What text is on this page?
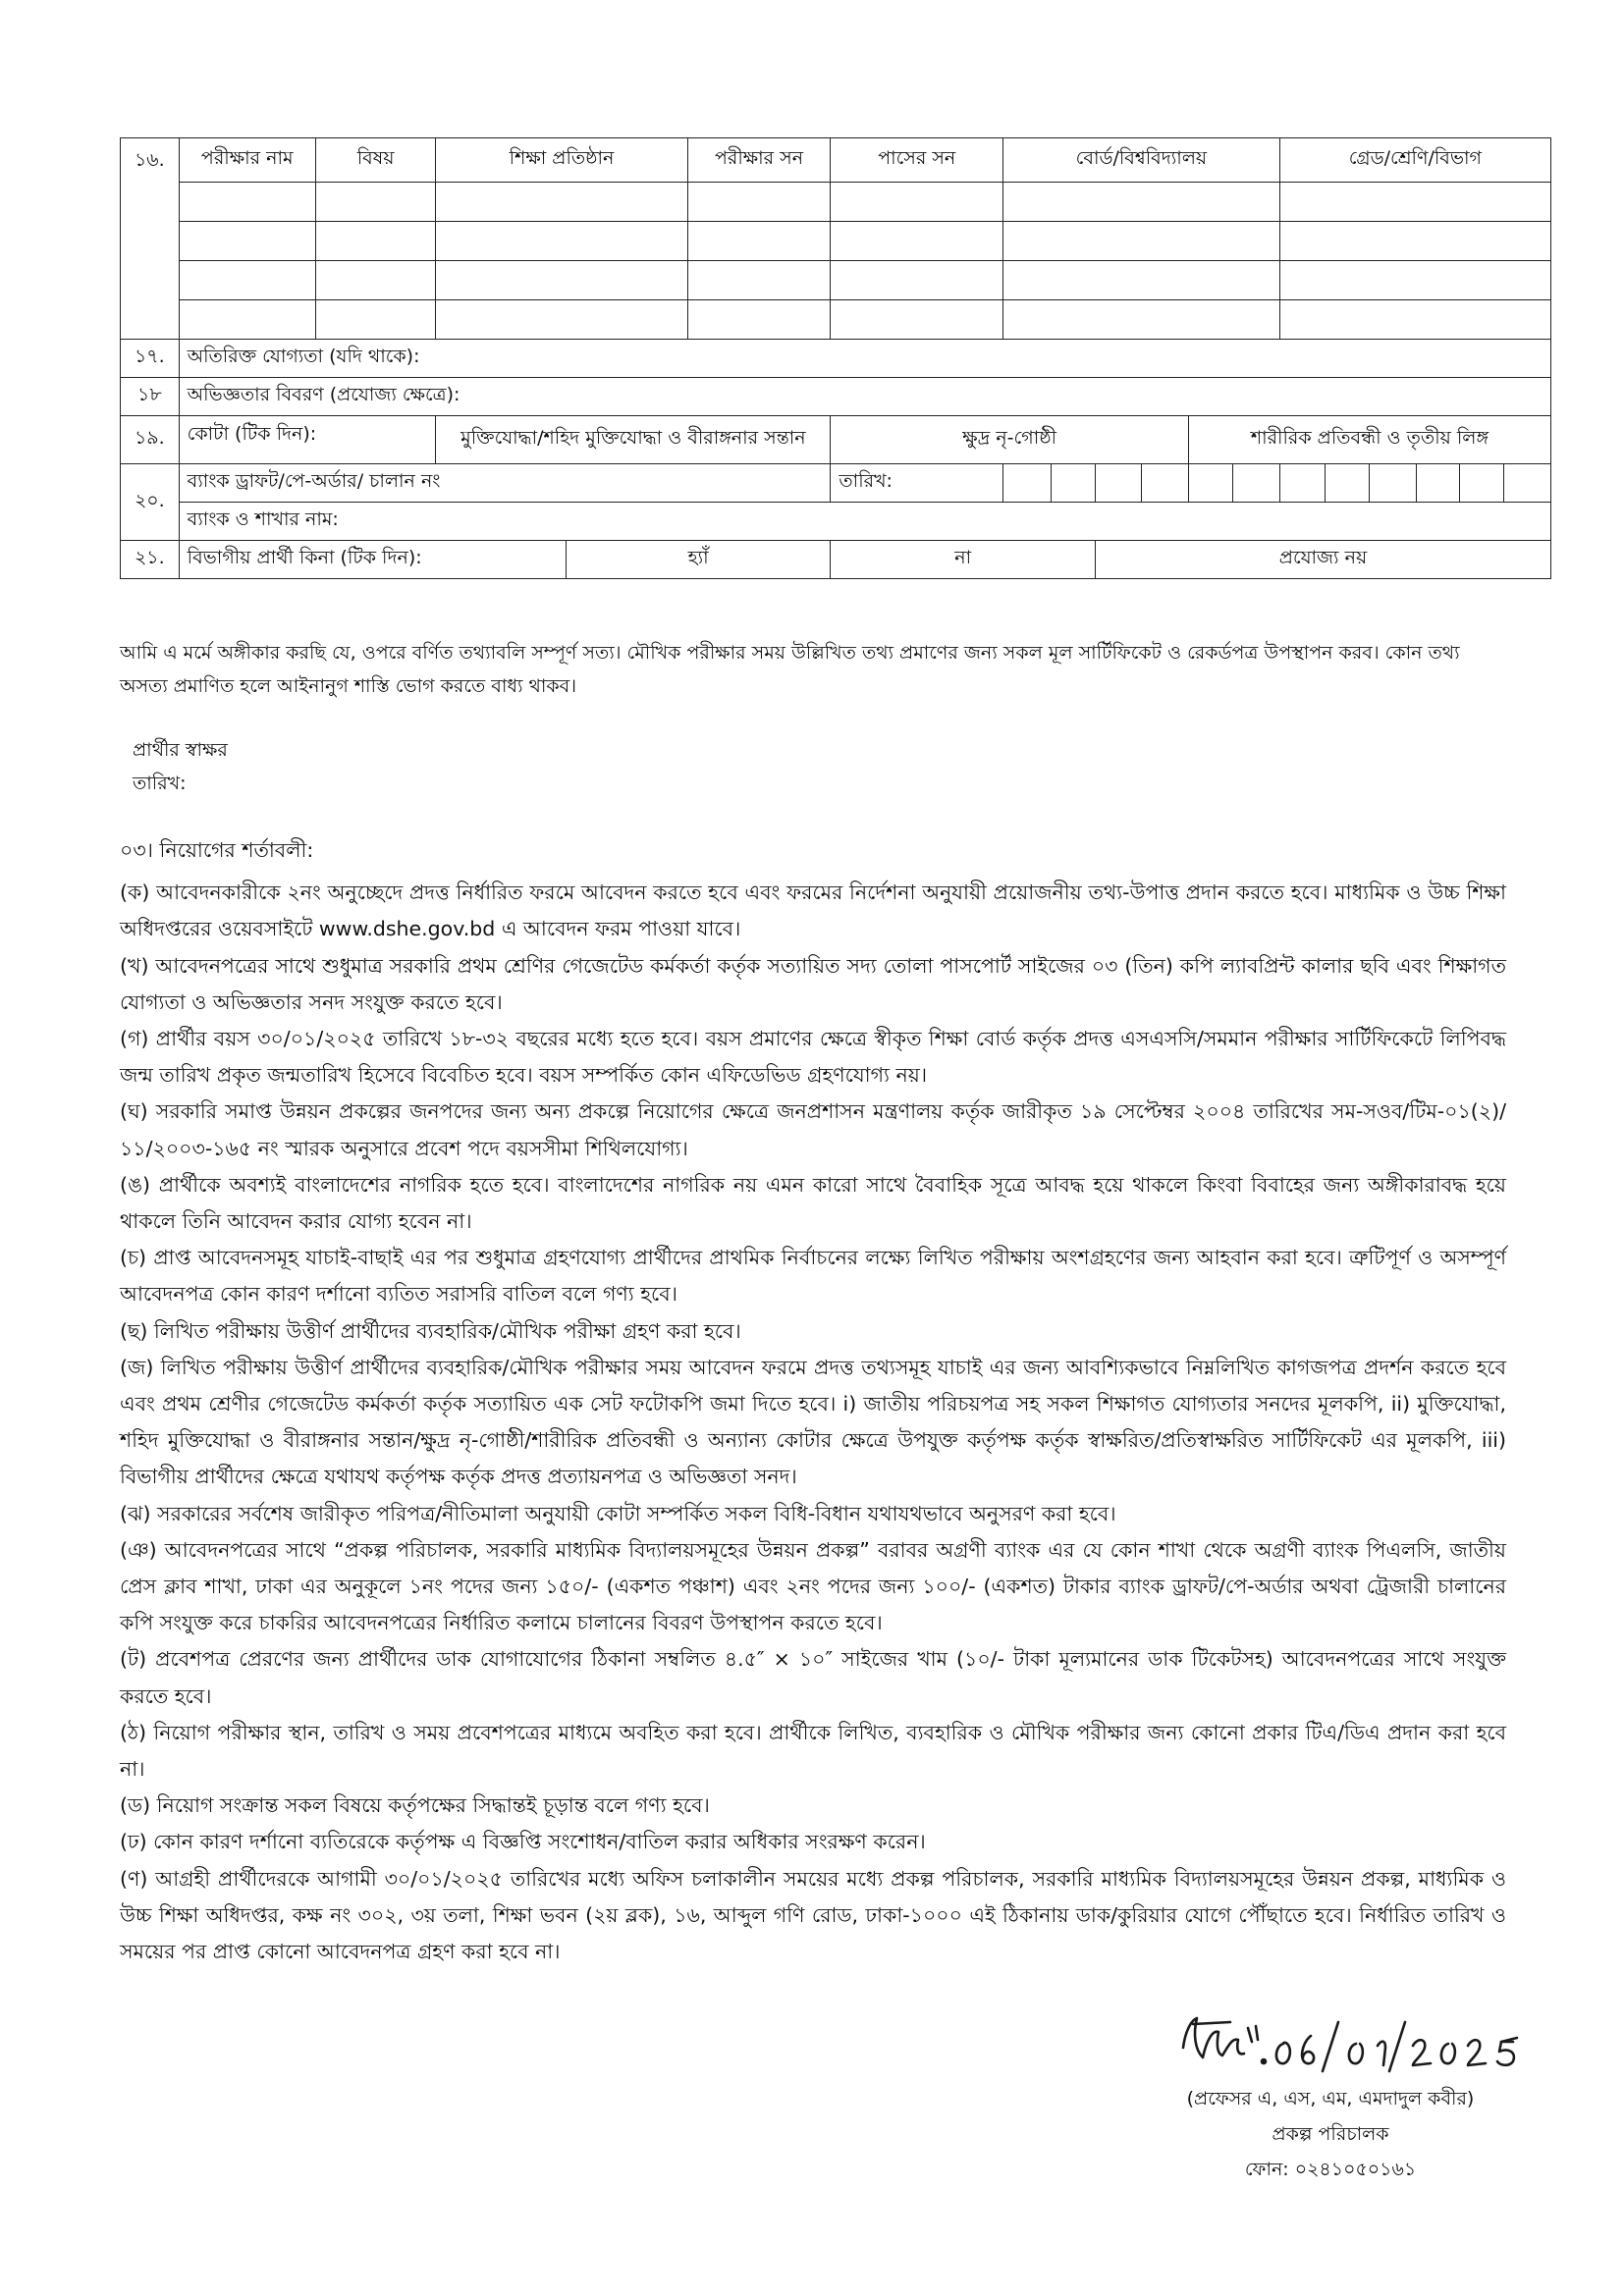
১৬.	পরীক্ষার নাম	বিষয়	শিক্ষা প্রতিষ্ঠান		পরীক্ষার সন	পাসের সন	বোর্ড/বিশ্ববিদ্যালয়						গ্রেড/শ্রেণি/বিভাগ					

১৭.	অতিরিক্ত যোগ্যতা (যদি থাকে):																	
১৮	অভিজ্ঞতার বিবরণ (প্রযোজ্য ক্ষেত্রে):																	
১৯.	কোটা (টিক দিন):		মুক্তিযোদ্ধা/শহিদ মুক্তিযোদ্ধা ও বীরাঙ্গনার সন্তান			ক্ষুদ্র নৃ-গোষ্ঠী					শারীরিক প্রতিবন্ধী ও তৃতীয় লিঙ্গ							
২০.	ব্যাংক ড্রাফট/পে-অর্ডার/ চালান নং					তারিখ:												
	ব্যাংক ও শাখার নাম:																	
২১.	বিভাগীয় প্রার্থী কিনা (টিক দিন):			হ্যাঁ		না			প্রযোজ্য নয়									
আমি এ মর্মে অঙ্গীকার করছি যে, ওপরে বর্ণিত তথ্যাবলি সম্পূর্ণ সত্য। মৌখিক পরীক্ষার সময় উল্লিখিত তথ্য প্রমাণের জন্য সকল মূল সার্টিফিকেট ও রেকর্ডপত্র উপস্থাপন করব। কোন তথ্য অসত্য প্রমাণিত হলে আইনানুগ শাস্তি ভোগ করতে বাধ্য থাকব।
প্রার্থীর স্বাক্ষর
তারিখ:

০৩। নিয়োগের শর্তাবলী:

(ক) আবেদনকারীকে ২নং অনুচ্ছেদে প্রদত্ত নির্ধারিত ফরমে আবেদন করতে হবে এবং ফরমের নির্দেশনা অনুযায়ী প্রয়োজনীয় তথ্য-উপাত্ত প্রদান করতে হবে। মাধ্যমিক ও উচ্চ শিক্ষা অধিদপ্তরের ওয়েবসাইটে www.dshe.gov.bd এ আবেদন ফরম পাওয়া যাবে।

(খ) আবেদনপত্রের সাথে শুধুমাত্র সরকারি প্রথম শ্রেণির গেজেটেড কর্মকর্তা কর্তৃক সত্যায়িত সদ্য তোলা পাসপোর্ট সাইজের ০৩ (তিন) কপি ল্যাবপ্রিন্ট কালার ছবি এবং শিক্ষাগত যোগ্যতা ও অভিজ্ঞতার সনদ সংযুক্ত করতে হবে।

(গ) প্রার্থীর বয়স ৩০/০১/২০২৫ তারিখে ১৮-৩২ বছরের মধ্যে হতে হবে। বয়স প্রমাণের ক্ষেত্রে স্বীকৃত শিক্ষা বোর্ড কর্তৃক প্রদত্ত এসএসসি/সমমান পরীক্ষার সার্টিফিকেটে লিপিবদ্ধ জন্ম তারিখ প্রকৃত জন্মতারিখ হিসেবে বিবেচিত হবে। বয়স সম্পর্কিত কোন এফিডেভিড গ্রহণযোগ্য নয়।

(ঘ) সরকারি সমাপ্ত উন্নয়ন প্রকল্পের জনপদের জন্য অন্য প্রকল্পে নিয়োগের ক্ষেত্রে জনপ্রশাসন মন্ত্রণালয় কর্তৃক জারীকৃত ১৯ সেপ্টেম্বর ২০০৪ তারিখের সম-সওব/টিম-০১(২)/১১/২০০৩-১৬৫ নং স্মারক অনুসারে প্রবেশ পদে বয়সসীমা শিথিলযোগ্য।

(ঙ) প্রার্থীকে অবশ্যই বাংলাদেশের নাগরিক হতে হবে। বাংলাদেশের নাগরিক নয় এমন কারো সাথে বৈবাহিক সূত্রে আবদ্ধ হয়ে থাকলে কিংবা বিবাহের জন্য অঙ্গীকারাবদ্ধ হয়ে থাকলে তিনি আবেদন করার যোগ্য হবেন না।

(চ) প্রাপ্ত আবেদনসমূহ যাচাই-বাছাই এর পর শুধুমাত্র গ্রহণযোগ্য প্রার্থীদের প্রাথমিক নির্বাচনের লক্ষ্যে লিখিত পরীক্ষায় অংশগ্রহণের জন্য আহবান করা হবে। ত্রুটিপূর্ণ ও অসম্পূর্ণ আবেদনপত্র কোন কারণ দর্শানো ব্যতিত সরাসরি বাতিল বলে গণ্য হবে।

(ছ) লিখিত পরীক্ষায় উত্তীর্ণ প্রার্থীদের ব্যবহারিক/মৌখিক পরীক্ষা গ্রহণ করা হবে।

(জ) লিখিত পরীক্ষায় উত্তীর্ণ প্রার্থীদের ব্যবহারিক/মৌখিক পরীক্ষার সময় আবেদন ফরমে প্রদত্ত তথ্যসমূহ যাচাই এর জন্য আবশ্যিকভাবে নিম্নলিখিত কাগজপত্র প্রদর্শন করতে হবে এবং প্রথম শ্রেণীর গেজেটেড কর্মকর্তা কর্তৃক সত্যায়িত এক সেট ফটোকপি জমা দিতে হবে। i) জাতীয় পরিচয়পত্র সহ সকল শিক্ষাগত যোগ্যতার সনদের মূলকপি, ii) মুক্তিযোদ্ধা, শহিদ মুক্তিযোদ্ধা ও বীরাঙ্গনার সন্তান/ক্ষুদ্র নৃ-গোষ্ঠী/শারীরিক প্রতিবন্ধী ও অন্যান্য কোটার ক্ষেত্রে উপযুক্ত কর্তৃপক্ষ কর্তৃক স্বাক্ষরিত/প্রতিস্বাক্ষরিত সার্টিফিকেট এর মূলকপি, iii) বিভাগীয় প্রার্থীদের ক্ষেত্রে যথাযথ কর্তৃপক্ষ কর্তৃক প্রদত্ত প্রত্যায়নপত্র ও অভিজ্ঞতা সনদ।

(ঝ) সরকারের সর্বশেষ জারীকৃত পরিপত্র/নীতিমালা অনুযায়ী কোটা সম্পর্কিত সকল বিধি-বিধান যথাযথভাবে অনুসরণ করা হবে।

(ঞ) আবেদনপত্রের সাথে “প্রকল্প পরিচালক, সরকারি মাধ্যমিক বিদ্যালয়সমূহের উন্নয়ন প্রকল্প” বরাবর অগ্রণী ব্যাংক এর যে কোন শাখা থেকে অগ্রণী ব্যাংক পিএলসি, জাতীয় প্রেস ক্লাব শাখা, ঢাকা এর অনুকূলে ১নং পদের জন্য ১৫০/- (একশত পঞ্চাশ) এবং ২নং পদের জন্য ১০০/- (একশত) টাকার ব্যাংক ড্রাফট/পে-অর্ডার অথবা ট্রেজারী চালানের কপি সংযুক্ত করে চাকরির আবেদনপত্রের নির্ধারিত কলামে চালানের বিবরণ উপস্থাপন করতে হবে।

(ট) প্রবেশপত্র প্রেরণের জন্য প্রার্থীদের ডাক যোগাযোগের ঠিকানা সম্বলিত ৪.৫″ × ১০″ সাইজের খাম (১০/- টাকা মূল্যমানের ডাক টিকেটসহ) আবেদনপত্রের সাথে সংযুক্ত করতে হবে।

(ঠ) নিয়োগ পরীক্ষার স্থান, তারিখ ও সময় প্রবেশপত্রের মাধ্যমে অবহিত করা হবে। প্রার্থীকে লিখিত, ব্যবহারিক ও মৌখিক পরীক্ষার জন্য কোনো প্রকার টিএ/ডিএ প্রদান করা হবে না।

(ড) নিয়োগ সংক্রান্ত সকল বিষয়ে কর্তৃপক্ষের সিদ্ধান্তই চূড়ান্ত বলে গণ্য হবে।

(ঢ) কোন কারণ দর্শানো ব্যতিরেকে কর্তৃপক্ষ এ বিজ্ঞপ্তি সংশোধন/বাতিল করার অধিকার সংরক্ষণ করেন।

(ণ) আগ্রহী প্রার্থীদেরকে আগামী ৩০/০১/২০২৫ তারিখের মধ্যে অফিস চলাকালীন সময়ের মধ্যে প্রকল্প পরিচালক, সরকারি মাধ্যমিক বিদ্যালয়সমূহের উন্নয়ন প্রকল্প, মাধ্যমিক ও উচ্চ শিক্ষা অধিদপ্তর, কক্ষ নং ৩০২, ৩য় তলা, শিক্ষা ভবন (২য় ব্লক), ১৬, আব্দুল গণি রোড, ঢাকা-১০০০ এই ঠিকানায় ডাক/কুরিয়ার যোগে পৌঁছাতে হবে। নির্ধারিত তারিখ ও সময়ের পর প্রাপ্ত কোনো আবেদনপত্র গ্রহণ করা হবে না।

(প্রফেসর এ, এস, এম, এমদাদুল কবীর)
প্রকল্প পরিচালক
ফোন: ০২৪১০৫০১৬১
